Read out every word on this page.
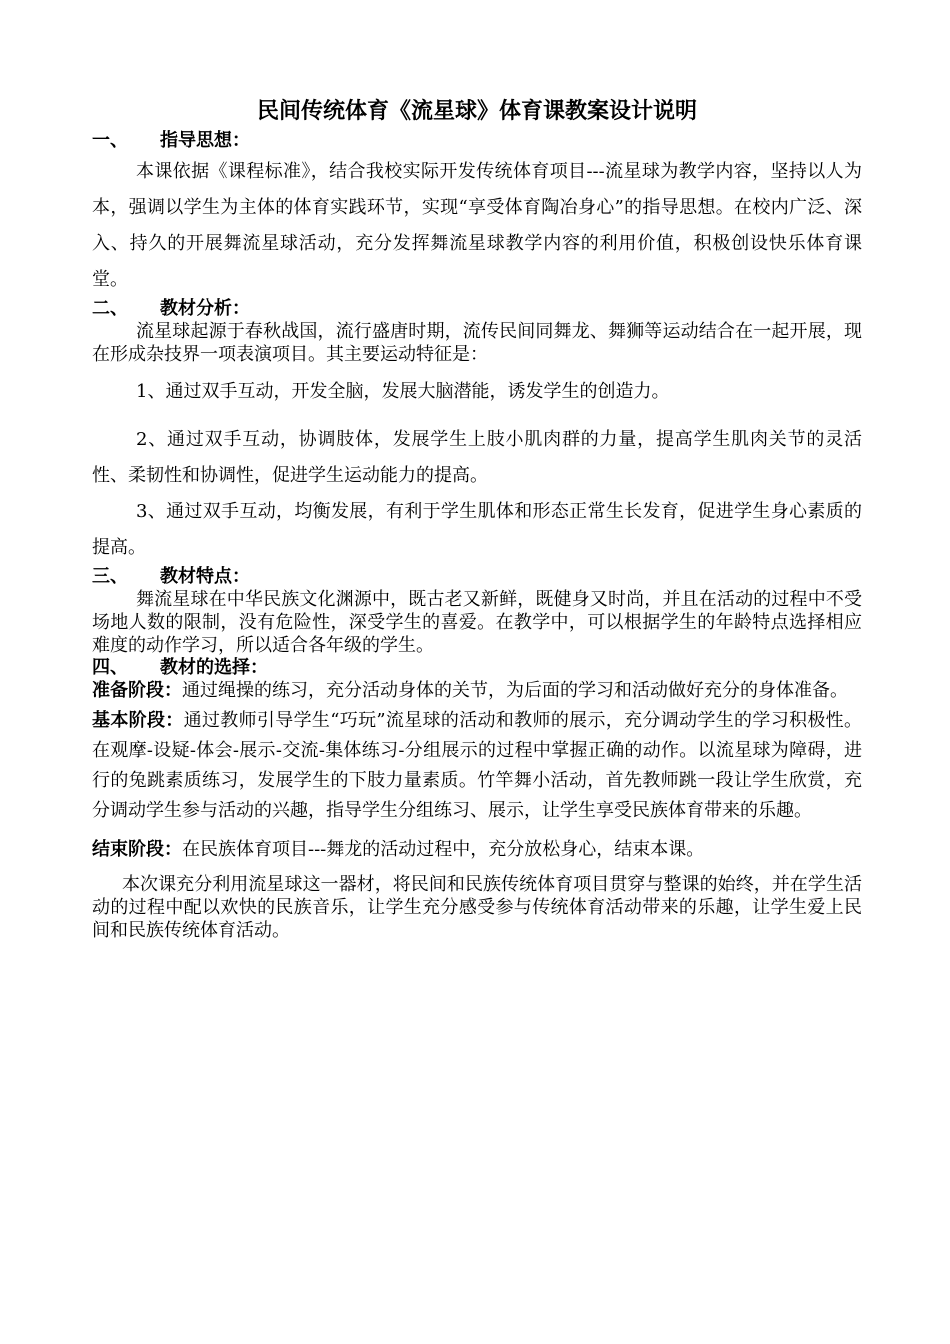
民间传统体育《流星球》体育课教案设计说明
一、 指导思想：

本课依据《课程标准》，结合我校实际开发传统体育项目---流星球为教学内容，坚持以人为本，强调以学生为主体的体育实践环节，实现“享受体育陶冶身心”的指导思想。在校内广泛、深入、持久的开展舞流星球活动，充分发挥舞流星球教学内容的利用价值，积极创设快乐体育课堂。

二、 教材分析：

流星球起源于春秋战国，流行盛唐时期，流传民间同舞龙、舞狮等运动结合在一起开展，现在形成杂技界一项表演项目。其主要运动特征是：

1、通过双手互动，开发全脑，发展大脑潜能，诱发学生的创造力。

2、通过双手互动，协调肢体，发展学生上肢小肌肉群的力量，提高学生肌肉关节的灵活性、柔韧性和协调性，促进学生运动能力的提高。

3、通过双手互动，均衡发展，有利于学生肌体和形态正常生长发育，促进学生身心素质的提高。

三、 教材特点：

舞流星球在中华民族文化渊源中，既古老又新鲜，既健身又时尚，并且在活动的过程中不受场地人数的限制，没有危险性，深受学生的喜爱。在教学中，可以根据学生的年龄特点选择相应难度的动作学习，所以适合各年级的学生。

四、 教材的选择：

准备阶段：通过绳操的练习，充分活动身体的关节，为后面的学习和活动做好充分的身体准备。

基本阶段：通过教师引导学生“巧玩”流星球的活动和教师的展示，充分调动学生的学习积极性。在观摩-设疑-体会-展示-交流-集体练习-分组展示的过程中掌握正确的动作。以流星球为障碍，进行的兔跳素质练习，发展学生的下肢力量素质。竹竿舞小活动，首先教师跳一段让学生欣赏，充分调动学生参与活动的兴趣，指导学生分组练习、展示，让学生享受民族体育带来的乐趣。

结束阶段：在民族体育项目---舞龙的活动过程中，充分放松身心，结束本课。

本次课充分利用流星球这一器材，将民间和民族传统体育项目贯穿与整课的始终，并在学生活动的过程中配以欢快的民族音乐，让学生充分感受参与传统体育活动带来的乐趣，让学生爱上民间和民族传统体育活动。
